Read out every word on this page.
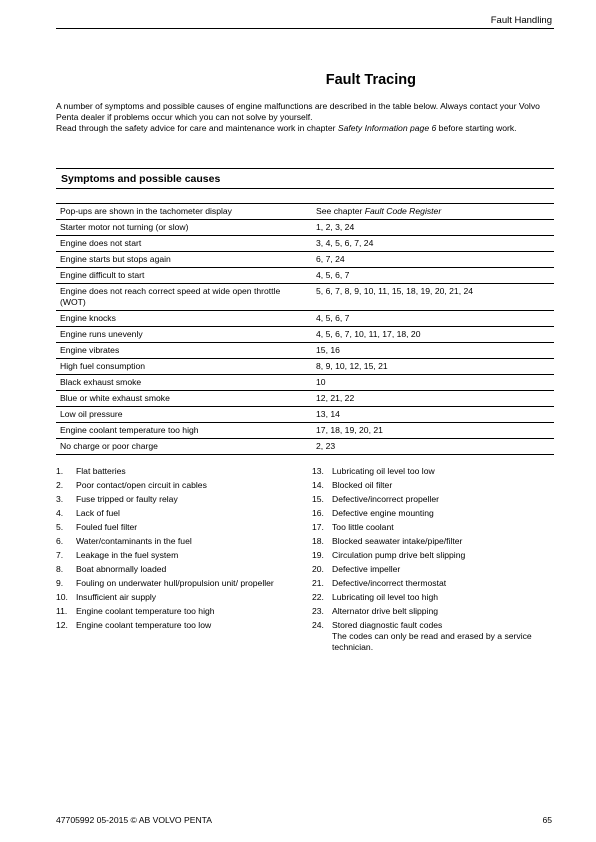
Fault Handling
Fault Tracing

A number of symptoms and possible causes of engine malfunctions are described in the table below. Always contact your Volvo Penta dealer if problems occur which you can not solve by yourself.

Read through the safety advice for care and maintenance work in chapter Safety Information page 6 before starting work.

Symptoms and possible causes
Pop-ups are shown in the tachometer display	See chapter Fault Code Register
Starter motor not turning (or slow)	1, 2, 3, 24
Engine does not start	3, 4, 5, 6, 7, 24
Engine starts but stops again	6, 7, 24
Engine difficult to start	4, 5, 6, 7
Engine does not reach correct speed at wide open throttle (WOT)	5, 6, 7, 8, 9, 10, 11, 15, 18, 19, 20, 21, 24
Engine knocks	4, 5, 6, 7
Engine runs unevenly	4, 5, 6, 7, 10, 11, 17, 18, 20
Engine vibrates	15, 16
High fuel consumption	8, 9, 10, 12, 15, 21
Black exhaust smoke	10
Blue or white exhaust smoke	12, 21, 22
Low oil pressure	13, 14
Engine coolant temperature too high	17, 18, 19, 20, 21
No charge or poor charge	2, 23
1.	Flat batteries
2.	Poor contact/open circuit in cables
3.	Fuse tripped or faulty relay
4.	Lack of fuel
5.	Fouled fuel filter
6.	Water/contaminants in the fuel
7.	Leakage in the fuel system
8.	Boat abnormally loaded
9.	Fouling on underwater hull/propulsion unit/ propeller
10. Insufficient air supply
11.	Engine coolant temperature too high
12. Engine coolant temperature too low
13. Lubricating oil level too low
14. Blocked oil filter
15. Defective/incorrect propeller
16. Defective engine mounting
17. Too little coolant
18. Blocked seawater intake/pipe/filter
19. Circulation pump drive belt slipping
20. Defective impeller
21. Defective/incorrect thermostat
22. Lubricating oil level too high
23. Alternator drive belt slipping
24. Stored diagnostic fault codes
The codes can only be read and erased by a service technician.
47705992 05-2015 © AB VOLVO PENTA	65
